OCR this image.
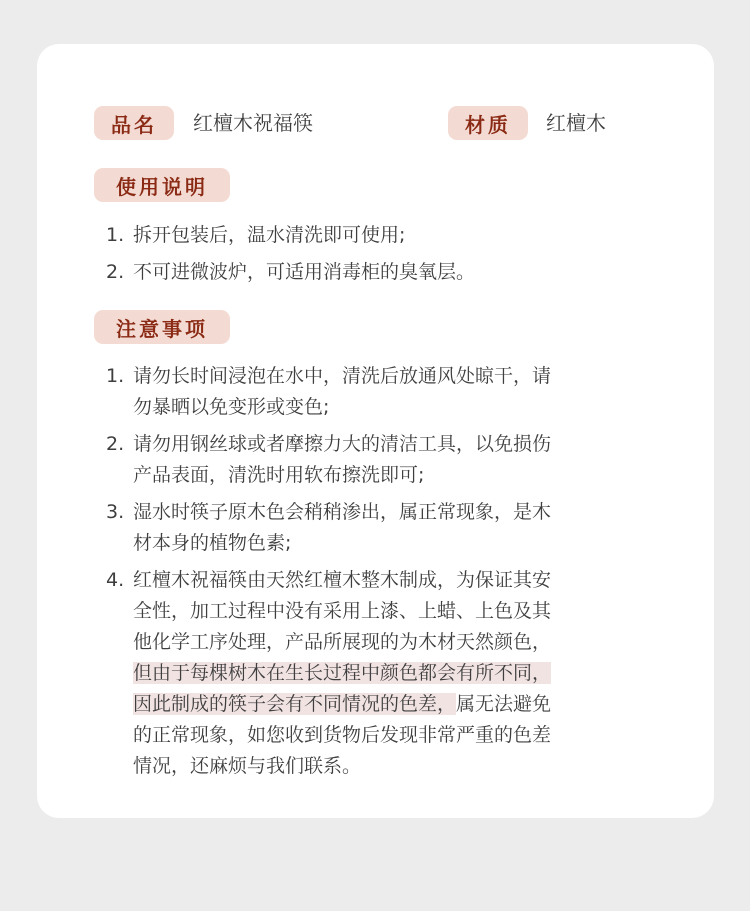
品名 红檀木祝福筷	材质 红檀木
使用说明
注意事项
1. 拆开包装后，温水清洗即可使用;
2. 不可进微波炉，可适用消毒柜的臭氧层。
1. 请勿长时间浸泡在水中，清洗后放通风处晾干，请
勿暴晒以免变形或变色;
2. 请勿用钢丝球或者摩擦力大的清洁工具，以免损伤
产品表面，清洗时用软布擦洗即可;
3. 湿水时筷子原木色会稍稍渗出，属正常现象，是木
材本身的植物色素;
4. 红檀木祝福筷由天然红檀木整木制成，为保证其安
全性，加工过程中没有采用上漆、上蜡、上色及其
他化学工序处理，产品所展现的为木材天然颜色，
但由于每棵树木在生长过程中颜色都会有所不同，
因此制成的筷子会有不同情况的色差，属无法避免
的正常现象，如您收到货物后发现非常严重的色差
情况，还麻烦与我们联系。
